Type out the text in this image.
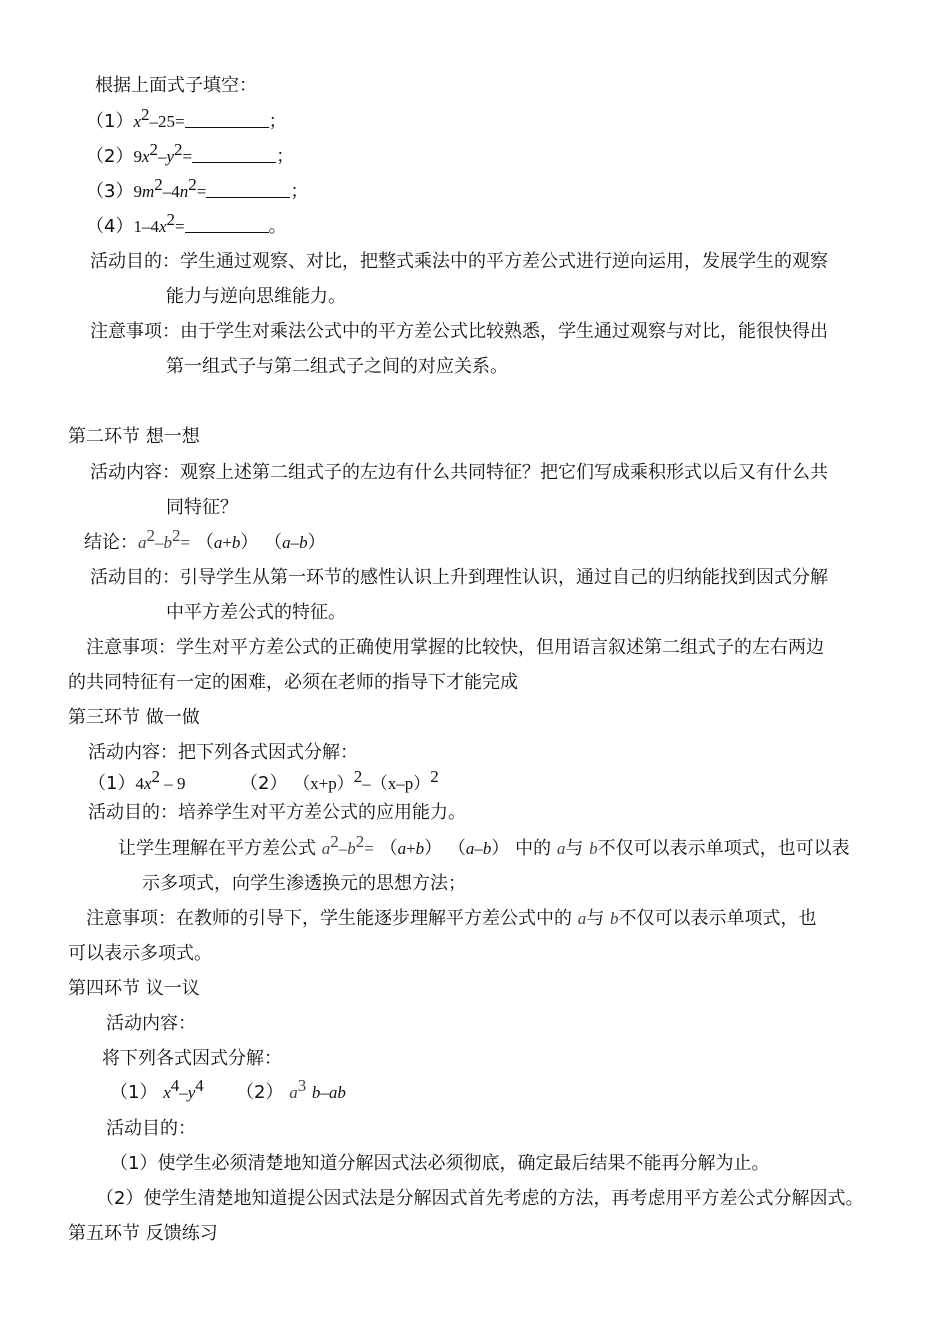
根据上面式子填空：
$(1)x^2-25=$	；
$(2)9x^2-y^2=$	；
$(3)9m^2-4n^2=$	；
$(4)1-4x^2=$	。
活动目的：学生通过观察、对比，把整式乘法中的平方差公式进行逆向运用，发展学生的观察
能力与逆向思维能力。
注意事项：由于学生对乘法公式中的平方差公式比较熟悉，学生通过观察与对比，能很快得出
第一组式子与第二组式子之间的对应关系。
第二环节 想一想
活动内容：观察上述第二组式子的左边有什么共同特征？把它们写成乘积形式以后又有什么共
同特征？
结论：$a^2-b^2= (a+b)$ （a–b）
活动目的：引导学生从第一环节的感性认识上升到理性认识，通过自己的归纳能找到因式分解
中平方差公式的特征。
注意事项：学生对平方差公式的正确使用掌握的比较快，但用语言叙述第二组式子的左右两边
的共同特征有一定的困难，必须在老师的指导下才能完成
第三环节 做一做
活动内容：把下列各式因式分解：
$(1)4x^2 - 9$	（2） $(x+p)^2-(x-p)^2$
活动目的：培养学生对平方差公式的应用能力。
让学生理解在平方差公式 $a^2-b^2= (a+b)$ （a–b） 中的 a与 b不仅可以表示单项式，也可以表
示多项式，向学生渗透换元的思想方法；
注意事项：在教师的引导下，学生能逐步理解平方差公式中的 a与 b不仅可以表示单项式，也
可以表示多项式。
第四环节 议一议
活动内容：
将下列各式因式分解：
（1） $x^4-y^4$ （2） $a^3$ b–ab
活动目的：
（1）使学生必须清楚地知道分解因式法必须彻底，确定最后结果不能再分解为止。
（2）使学生清楚地知道提公因式法是分解因式首先考虑的方法，再考虑用平方差公式分解因式。
第五环节 反馈练习
